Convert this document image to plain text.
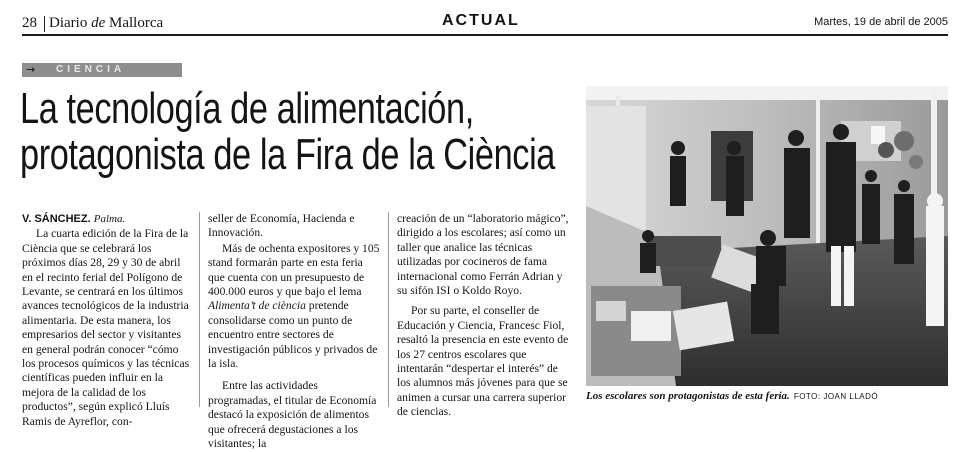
28 Diario de Mallorca	ACTUAL	Martes, 19 de abril de 2005
→ CIENCIA
La tecnología de alimentación,
protagonista de la Fira de la Ciència

V. SÁNCHEZ. Palma.

La cuarta edición de la Fira de la Ciència que se celebrará los próximos días 28, 29 y 30 de abril en el recinto ferial del Polígono de Levante, se centrará en los últimos avances tecnológicos de la industria alimentaria. De esta manera, los empresarios del sector y visitantes en general podrán conocer “cómo los procesos químicos y las técnicas científicas pueden influir en la mejora de la calidad de los productos”, según explicó Lluís Ramis de Ayreflor, con-

seller de Economía, Hacienda e Innovación.

Más de ochenta expositores y 105 stand formarán parte en esta feria que cuenta con un presupuesto de 400.000 euros y que bajo el lema Alimenta’t de ciència pretende consolidarse como un punto de encuentro entre sectores de investigación públicos y privados de la isla.

Entre las actividades programadas, el titular de Economía destacó la exposición de alimentos que ofrecerá degustaciones a los visitantes; la

creación de un “laboratorio mágico”, dirigido a los escolares; así como un taller que analice las técnicas utilizadas por cocineros de fama internacional como Ferrán Adrian y su sifón ISI o Koldo Royo.

Por su parte, el conseller de Educación y Ciencia, Francesc Fiol, resaltó la presencia en este evento de los 27 centros escolares que intentarán “despertar el interés” de los alumnos más jóvenes para que se animen a cursar una carrera superior de ciencias.

Los escolares son protagonistas de esta feria. FOTO: JOAN LLADÓ
